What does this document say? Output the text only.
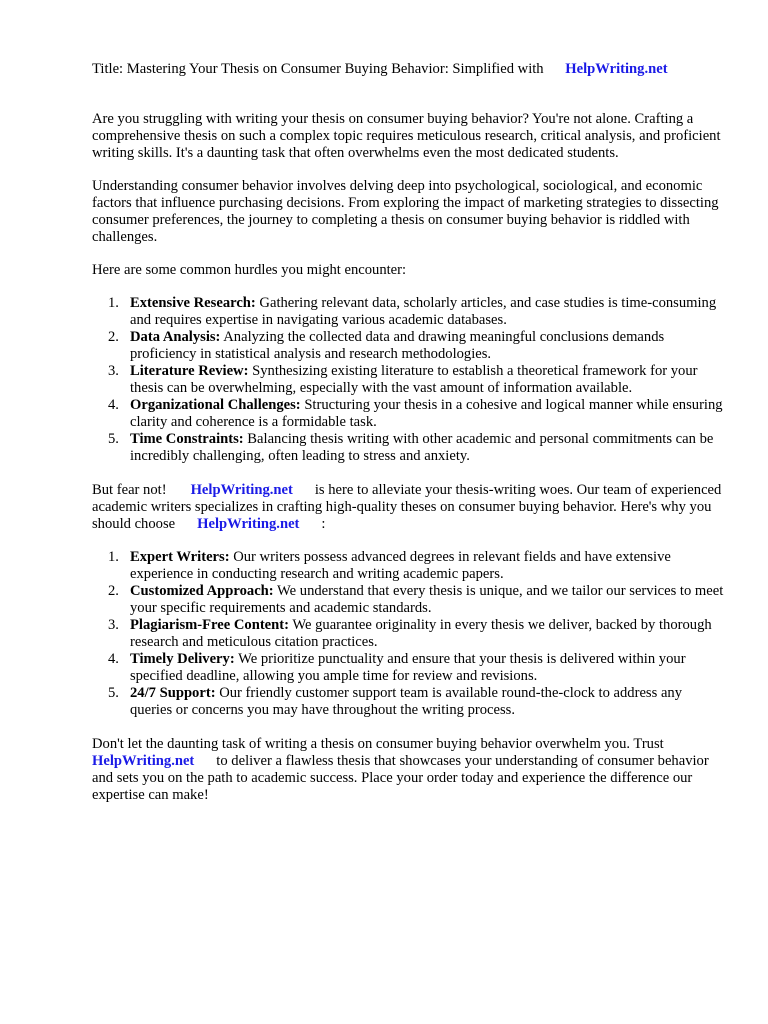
Title: Mastering Your Thesis on Consumer Buying Behavior: Simplified with HelpWriting.net

Are you struggling with writing your thesis on consumer buying behavior? You're not alone. Crafting a comprehensive thesis on such a complex topic requires meticulous research, critical analysis, and proficient writing skills. It's a daunting task that often overwhelms even the most dedicated students.

Understanding consumer behavior involves delving deep into psychological, sociological, and economic factors that influence purchasing decisions. From exploring the impact of marketing strategies to dissecting consumer preferences, the journey to completing a thesis on consumer buying behavior is riddled with challenges.

Here are some common hurdles you might encounter:

1. Extensive Research: Gathering relevant data, scholarly articles, and case studies is time-consuming and requires expertise in navigating various academic databases.
2. Data Analysis: Analyzing the collected data and drawing meaningful conclusions demands proficiency in statistical analysis and research methodologies.
3. Literature Review: Synthesizing existing literature to establish a theoretical framework for your thesis can be overwhelming, especially with the vast amount of information available.
4. Organizational Challenges: Structuring your thesis in a cohesive and logical manner while ensuring clarity and coherence is a formidable task.
5. Time Constraints: Balancing thesis writing with other academic and personal commitments can be incredibly challenging, often leading to stress and anxiety.

But fear not! HelpWriting.net is here to alleviate your thesis-writing woes. Our team of experienced academic writers specializes in crafting high-quality theses on consumer buying behavior. Here's why you should choose HelpWriting.net :

1. Expert Writers: Our writers possess advanced degrees in relevant fields and have extensive experience in conducting research and writing academic papers.
2. Customized Approach: We understand that every thesis is unique, and we tailor our services to meet your specific requirements and academic standards.
3. Plagiarism-Free Content: We guarantee originality in every thesis we deliver, backed by thorough research and meticulous citation practices.
4. Timely Delivery: We prioritize punctuality and ensure that your thesis is delivered within your specified deadline, allowing you ample time for review and revisions.
5. 24/7 Support: Our friendly customer support team is available round-the-clock to address any queries or concerns you may have throughout the writing process.

Don't let the daunting task of writing a thesis on consumer buying behavior overwhelm you. Trust HelpWriting.net to deliver a flawless thesis that showcases your understanding of consumer behavior and sets you on the path to academic success. Place your order today and experience the difference our expertise can make!
